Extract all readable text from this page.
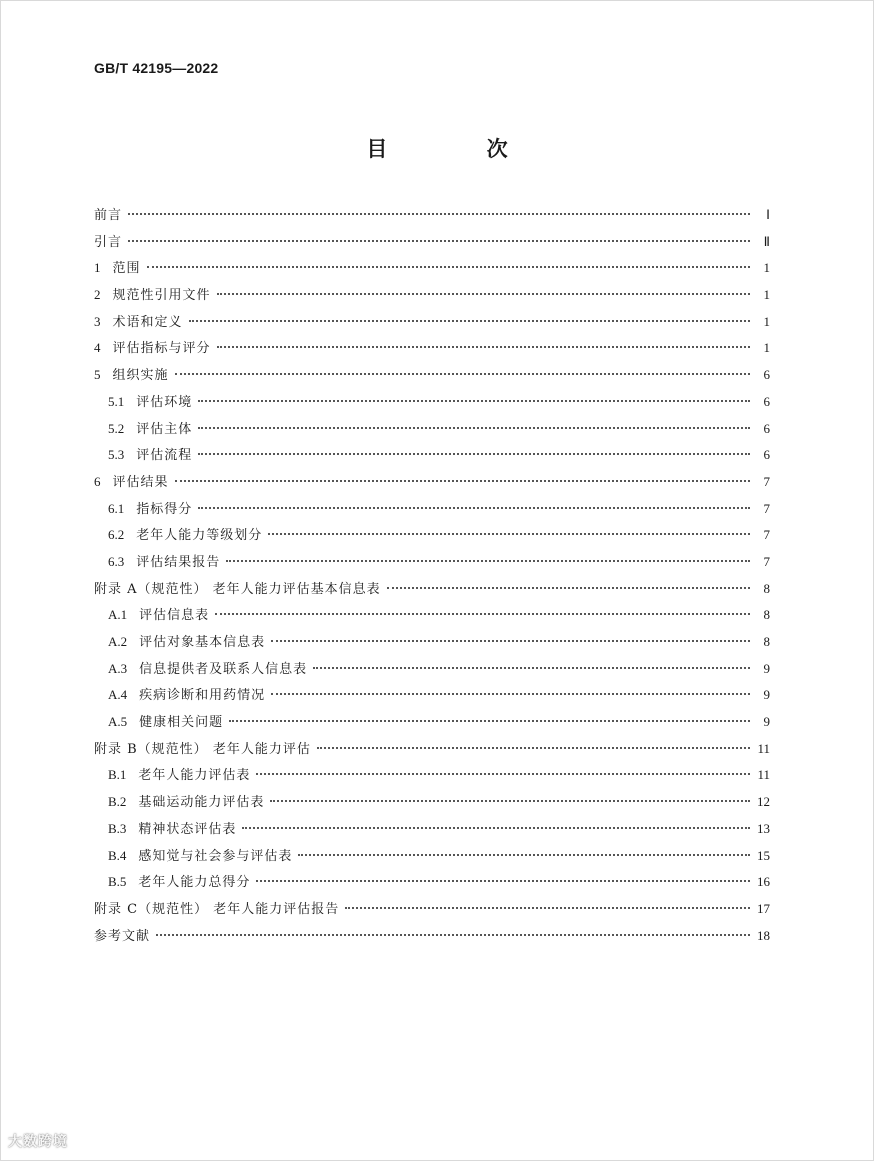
GB/T 42195—2022
目 次
前言	Ⅰ
引言	Ⅱ
1 范围	1
2 规范性引用文件	1
3 术语和定义	1
4 评估指标与评分	1
5 组织实施	6
5.1 评估环境	6
5.2 评估主体	6
5.3 评估流程	6
6 评估结果	7
6.1 指标得分	7
6.2 老年人能力等级划分	7
6.3 评估结果报告	7
附录 A（规范性） 老年人能力评估基本信息表	8
A.1 评估信息表	8
A.2 评估对象基本信息表	8
A.3 信息提供者及联系人信息表	9
A.4 疾病诊断和用药情况	9
A.5 健康相关问题	9
附录 B（规范性） 老年人能力评估	11
B.1 老年人能力评估表	11
B.2 基础运动能力评估表	12
B.3 精神状态评估表	13
B.4 感知觉与社会参与评估表	15
B.5 老年人能力总得分	16
附录 C（规范性） 老年人能力评估报告	17
参考文献	18
大数跨境
